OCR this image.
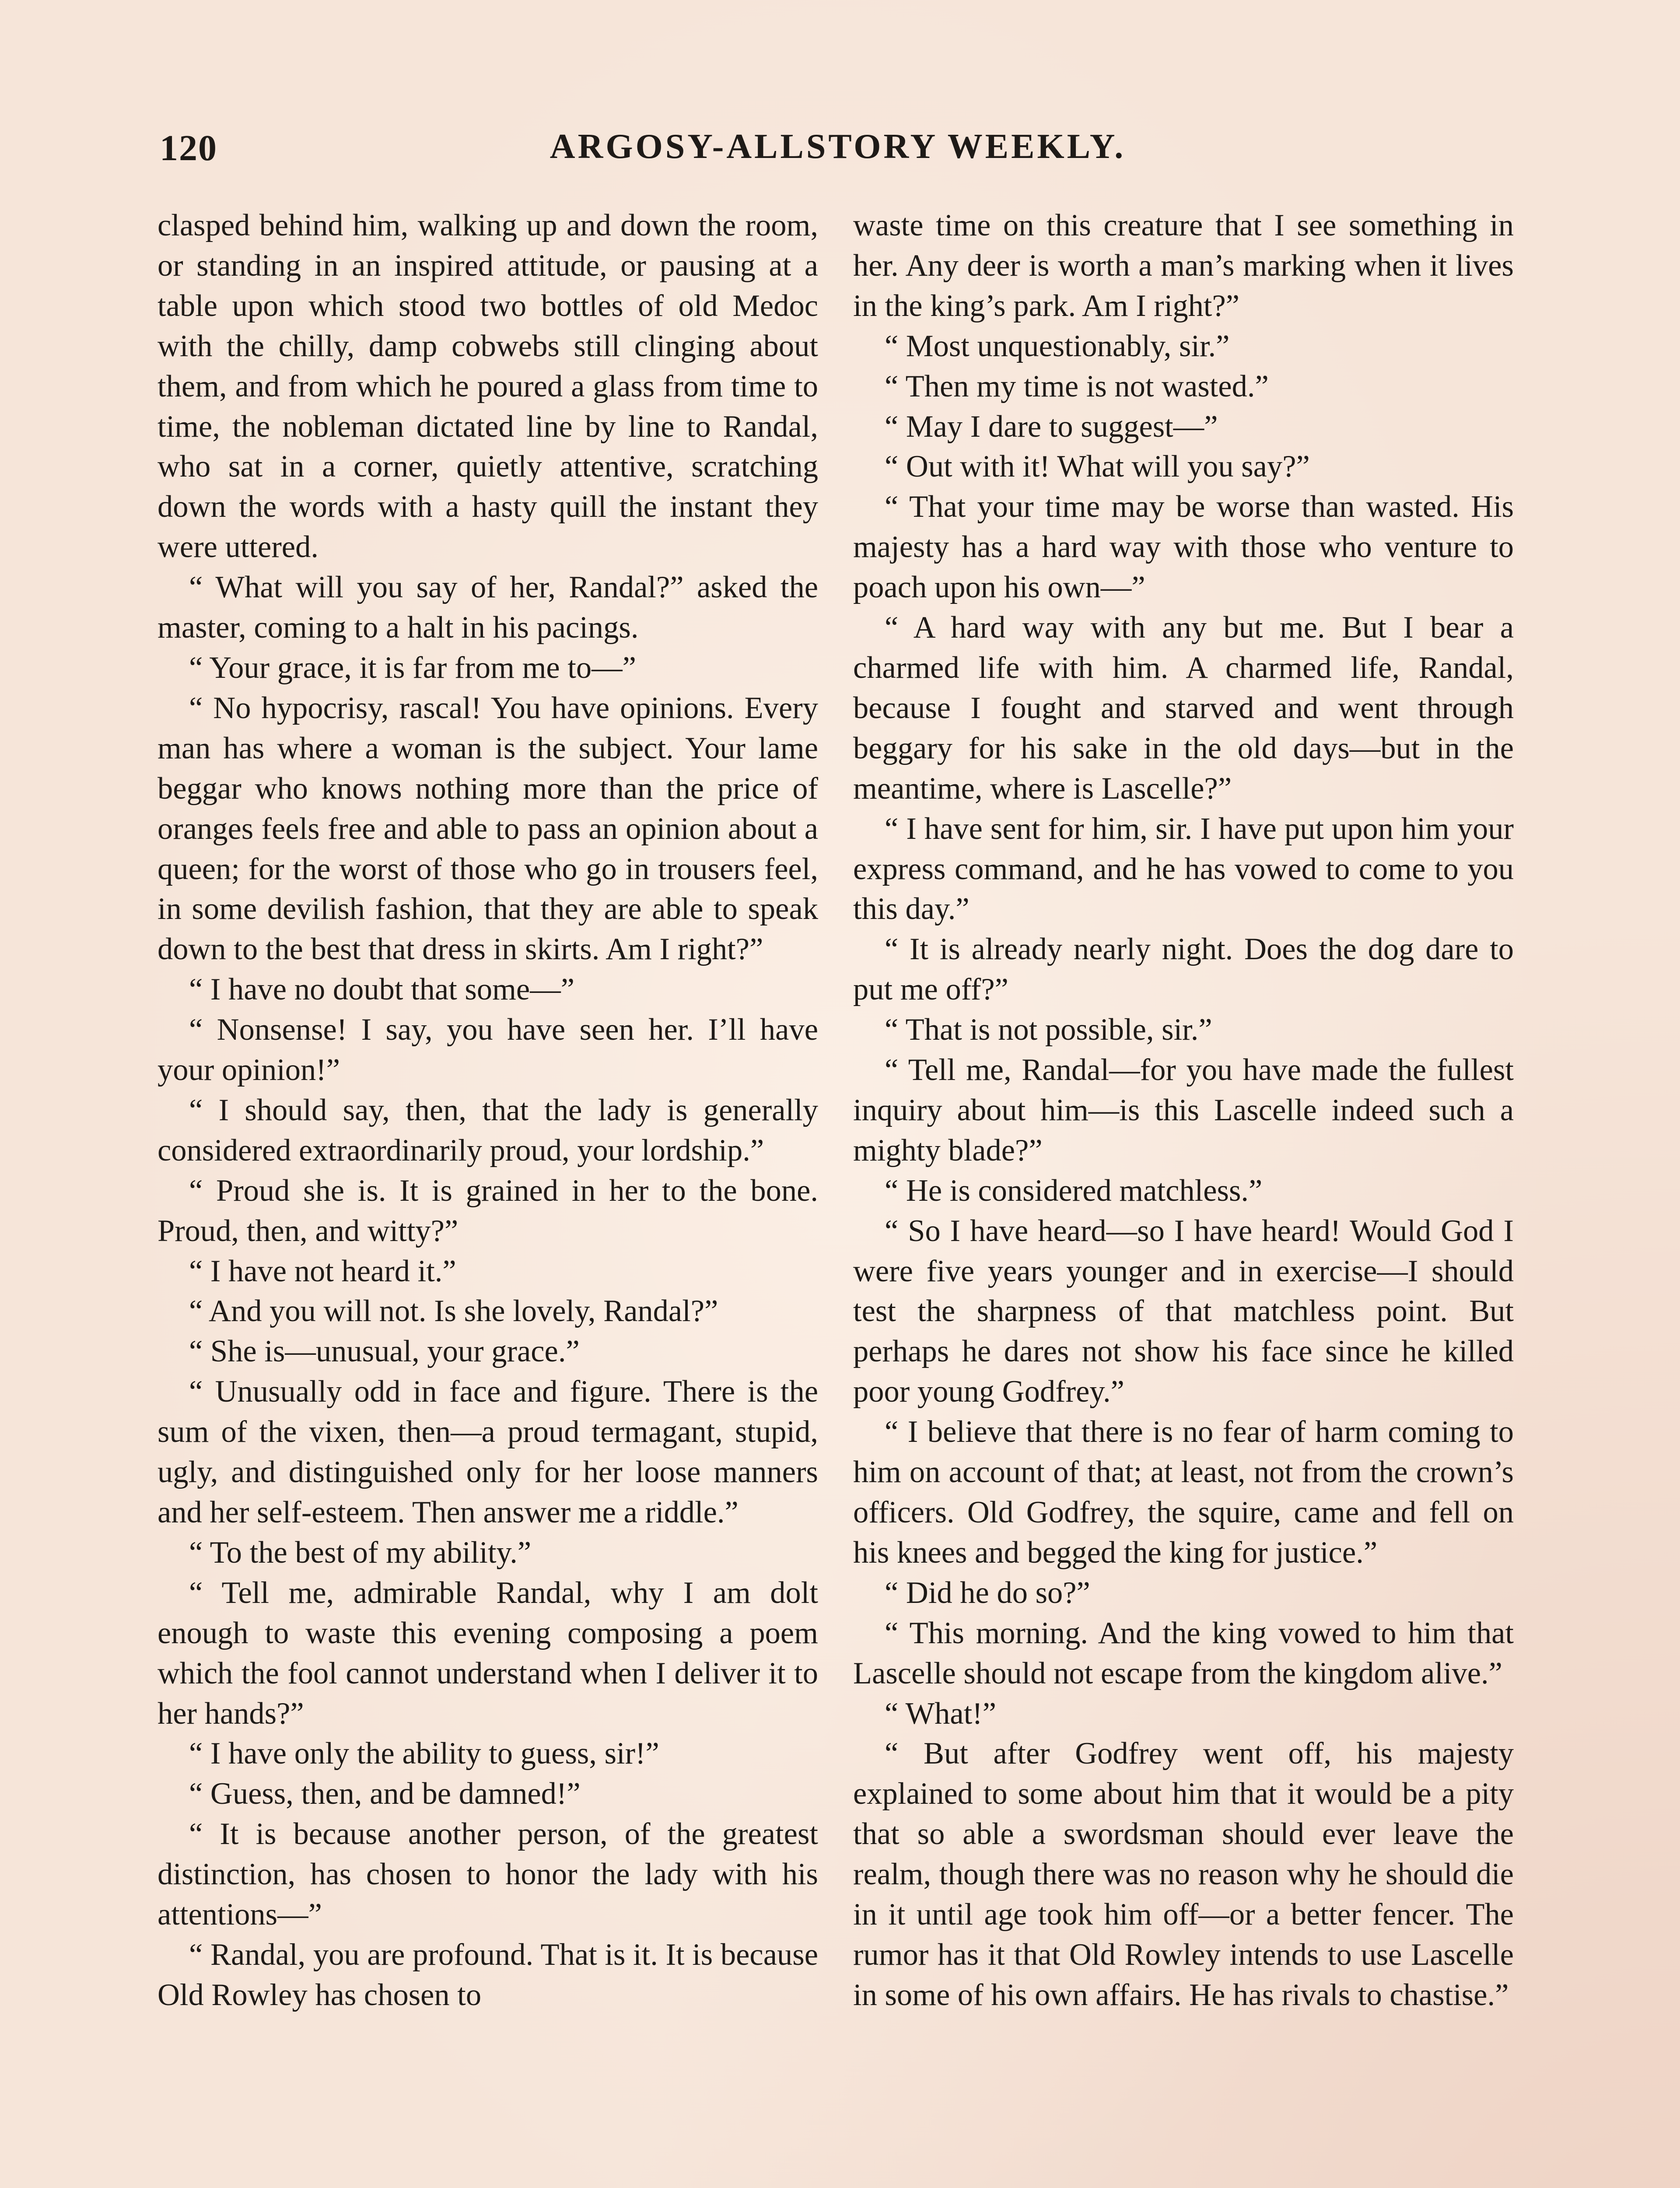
120	ARGOSY-ALLSTORY WEEKLY.

clasped behind him, walking up and down the room, or standing in an inspired attitude, or pausing at a table upon which stood two bottles of old Medoc with the chilly, damp cobwebs still clinging about them, and from which he poured a glass from time to time, the nobleman dictated line by line to Randal, who sat in a corner, quietly attentive, scratching down the words with a hasty quill the instant they were uttered.

“ What will you say of her, Randal?” asked the master, coming to a halt in his pacings.

“ Your grace, it is far from me to—”

“ No hypocrisy, rascal! You have opinions. Every man has where a woman is the subject. Your lame beggar who knows nothing more than the price of oranges feels free and able to pass an opinion about a queen; for the worst of those who go in trousers feel, in some devilish fashion, that they are able to speak down to the best that dress in skirts. Am I right?”

“ I have no doubt that some—”

“ Nonsense! I say, you have seen her. I’ll have your opinion!”

“ I should say, then, that the lady is generally considered extraordinarily proud, your lordship.”

“ Proud she is. It is grained in her to the bone. Proud, then, and witty?”

“ I have not heard it.”

“ And you will not. Is she lovely, Randal?”

“ She is—unusual, your grace.”

“ Unusually odd in face and figure. There is the sum of the vixen, then—a proud termagant, stupid, ugly, and distinguished only for her loose manners and her self-esteem. Then answer me a riddle.”

“ To the best of my ability.”

“ Tell me, admirable Randal, why I am dolt enough to waste this evening composing a poem which the fool cannot understand when I deliver it to her hands?”

“ I have only the ability to guess, sir!”

“ Guess, then, and be damned!”

“ It is because another person, of the greatest distinction, has chosen to honor the lady with his attentions—”

“ Randal, you are profound. That is it. It is because Old Rowley has chosen to

waste time on this creature that I see something in her. Any deer is worth a man’s marking when it lives in the king’s park. Am I right?”

“ Most unquestionably, sir.”

“ Then my time is not wasted.”

“ May I dare to suggest—”

“ Out with it! What will you say?”

“ That your time may be worse than wasted. His majesty has a hard way with those who venture to poach upon his own—”

“ A hard way with any but me. But I bear a charmed life with him. A charmed life, Randal, because I fought and starved and went through beggary for his sake in the old days—but in the meantime, where is Lascelle?”

“ I have sent for him, sir. I have put upon him your express command, and he has vowed to come to you this day.”

“ It is already nearly night. Does the dog dare to put me off?”

“ That is not possible, sir.”

“ Tell me, Randal—for you have made the fullest inquiry about him—is this Lascelle indeed such a mighty blade?”

“ He is considered matchless.”

“ So I have heard—so I have heard! Would God I were five years younger and in exercise—I should test the sharpness of that matchless point. But perhaps he dares not show his face since he killed poor young Godfrey.”

“ I believe that there is no fear of harm coming to him on account of that; at least, not from the crown’s officers. Old Godfrey, the squire, came and fell on his knees and begged the king for justice.”

“ Did he do so?”

“ This morning. And the king vowed to him that Lascelle should not escape from the kingdom alive.”

“ What!”

“ But after Godfrey went off, his majesty explained to some about him that it would be a pity that so able a swordsman should ever leave the realm, though there was no reason why he should die in it until age took him off—or a better fencer. The rumor has it that Old Rowley intends to use Lascelle in some of his own affairs. He has rivals to chastise.”
